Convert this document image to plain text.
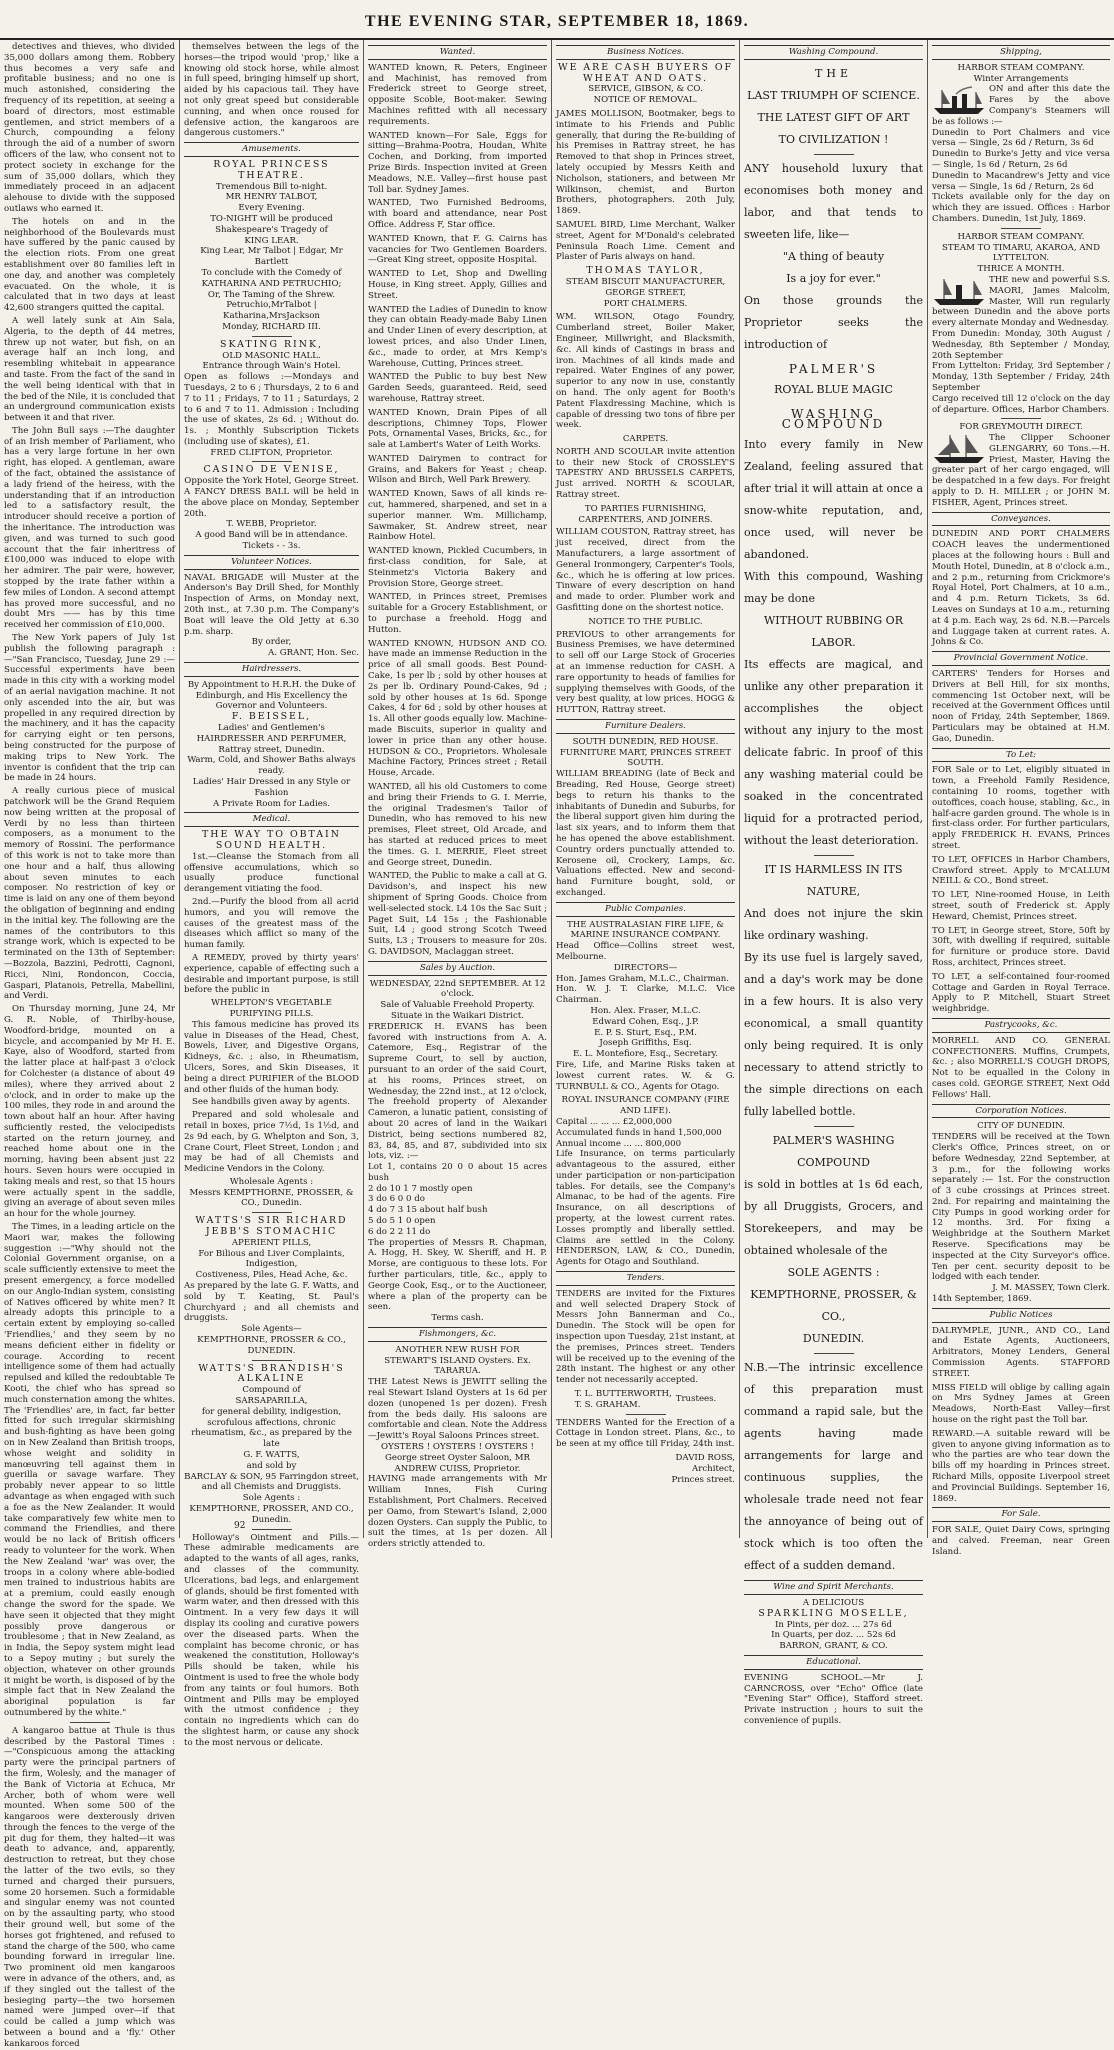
THE EVENING STAR, SEPTEMBER 18, 1869.

detectives and thieves, who divided 35,000 dollars among them. Robbery thus becomes a very safe and profitable business; and no one is much astonished, considering the frequency of its repetition, at seeing a board of directors, most estimable gentlemen, and strict members of a Church, compounding a felony through the aid of a number of sworn officers of the law, who consent not to protect society in exchange for the sum of 35,000 dollars, which they immediately proceed in an adjacent alehouse to divide with the supposed outlaws who earned it.

The hotels on and in the neighborhood of the Boulevards must have suffered by the panic caused by the election riots. From one great establishment over 80 families left in one day, and another was completely evacuated. On the whole, it is calculated that in two days at least 42,600 strangers quitted the capital.

A well lately sunk at Ain Sala, Algeria, to the depth of 44 metres, threw up not water, but fish, on an average half an inch long, and resembling whitebait in appearance and taste. From the fact of the sand in the well being identical with that in the bed of the Nile, it is concluded that an underground communication exists between it and that river.

The John Bull says :—The daughter of an Irish member of Parliament, who has a very large fortune in her own right, has eloped. A gentleman, aware of the fact, obtained the assistance of a lady friend of the heiress, with the understanding that if an introduction led to a satisfactory result, the introducer should receive a portion of the inheritance. The introduction was given, and was turned to such good account that the fair inheritress of £100,000 was induced to elope with her admirer. The pair were, however, stopped by the irate father within a few miles of London. A second attempt has proved more successful, and no doubt Mrs —— has by this time received her commission of £10,000.

The New York papers of July 1st publish the following paragraph :—"San Francisco, Tuesday, June 29 :—Successful experiments have been made in this city with a working model of an aerial navigation machine. It not only ascended into the air, but was propelled in any required direction by the machinery, and it has the capacity for carrying eight or ten persons, being constructed for the purpose of making trips to New York. The inventor is confident that the trip can be made in 24 hours.

A really curious piece of musical patchwork will be the Grand Requiem now being written at the proposal of Verdi by no less than thirteen composers, as a monument to the memory of Rossini. The performance of this work is not to take more than one hour and a half, thus allowing about seven minutes to each composer. No restriction of key or time is laid on any one of them beyond the obligation of beginning and ending in the initial key. The following are the names of the contributors to this strange work, which is expected to be terminated on the 13th of September:—Bozzola, Bazzini, Pedrotti, Cagnoni, Ricci, Nini, Rondoncon, Coccia, Gaspari, Platanois, Petrella, Mabellini, and Verdi.

On Thursday morning, June 24, Mr G. R. Noble, of Thirlby-house, Woodford-bridge, mounted on a bicycle, and accompanied by Mr H. E. Kaye, also of Woodford, started from the latter place at half-past 3 o'clock for Colchester (a distance of about 49 miles), where they arrived about 2 o'clock, and in order to make up the 100 miles, they rode in and around the town about half an hour. After having sufficiently rested, the velocipedists started on the return journey, and reached home about one in the morning, having been absent just 22 hours. Seven hours were occupied in taking meals and rest, so that 15 hours were actually spent in the saddle, giving an average of about seven miles an hour for the whole journey.

The Times, in a leading article on the Maori war, makes the following suggestion :—"Why should not the Colonial Government organise, on a scale sufficiently extensive to meet the present emergency, a force modelled on our Anglo-Indian system, consisting of Natives officered by white men? It already adopts this principle to a certain extent by employing so-called 'Friendlies,' and they seem by no means deficient either in fidelity or courage. According to recent intelligence some of them had actually repulsed and killed the redoubtable Te Kooti, the chief who has spread so much consternation among the whites. The 'Friendlies' are, in fact, far better fitted for such irregular skirmishing and bush-fighting as have been going on in New Zealand than British troops, whose weight and solidity in manœuvring tell against them in guerilla or savage warfare. They probably never appear to so little advantage as when engaged with such a foe as the New Zealander. It would take comparatively few white men to command the Friendlies, and there would be no lack of British officers ready to volunteer for the work. When the New Zealand 'war' was over, the troops in a colony where able-bodied men trained to industrious habits are at a premium, could easily enough change the sword for the spade. We have seen it objected that they might possibly prove dangerous or troublesome ; that in New Zealand, as in India, the Sepoy system might lead to a Sepoy mutiny ; but surely the objection, whatever on other grounds it might be worth, is disposed of by the simple fact that in New Zealand the aboriginal population is far outnumbered by the white."

A kangaroo battue at Thule is thus described by the Pastoral Times :—"Conspicuous among the attacking party were the principal partners of the firm, Wolesly, and the manager of the Bank of Victoria at Echuca, Mr Archer, both of whom were well mounted. When some 500 of the kangaroos were dexterously driven through the fences to the verge of the pit dug for them, they halted—it was death to advance, and, apparently, destruction to retreat, but they chose the latter of the two evils, so they turned and charged their pursuers, some 20 horsemen. Such a formidable and singular enemy was not counted on by the assaulting party, who stood their ground well, but some of the horses got frightened, and refused to stand the charge of the 500, who came bounding forward in irregular line. Two prominent old men kangaroos were in advance of the others, and, as if they singled out the tallest of the besieging party—the two horsemen named were jumped over—if that could be called a jump which was between a bound and a 'fly.' Other kankaroos forced

themselves between the legs of the horses—the tripod would 'prop,' like a knowing old stock horse, while almost in full speed, bringing himself up short, aided by his capacious tail. They have not only great speed but considerable cunning, and when once roused for defensive action, the kangaroos are dangerous customers."

Amusements.
ROYAL PRINCESS THEATRE.
Tremendous Bill to-night.
MR HENRY TALBOT,
Every Evening.
TO-NIGHT will be produced Shakespeare's Tragedy of
KING LEAR.
King Lear, Mr Talbot | Edgar, Mr Bartlett
To conclude with the Comedy of
KATHARINA AND PETRUCHIO;
Or, The Taming of the Shrew.
Petruchio,MrTalbot | Katharina,MrsJackson
Monday, RICHARD III.
SKATING RINK,
OLD MASONIC HALL.
Entrance through Wain's Hotel.
Open as follows :—Mondays and Tuesdays, 2 to 6 ; Thursdays, 2 to 6 and 7 to 11 ; Fridays, 7 to 11 ; Saturdays, 2 to 6 and 7 to 11. Admission : Including the use of skates, 2s 6d. ; Without do. 1s. ; Monthly Subscription Tickets (including use of skates), £1.
FRED CLIFTON, Proprietor.
CASINO DE VENISE,
Opposite the York Hotel, George Street.
A FANCY DRESS BALL will be held in the above place on Monday, September 20th.
T. WEBB, Proprietor.
A good Band will be in attendance.
Tickets - - 3s.
Volunteer Notices.

NAVAL BRIGADE will Muster at the Anderson's Bay Drill Shed, for Monthly Inspection of Arms, on Monday next, 20th inst., at 7.30 p.m. The Company's Boat will leave the Old Jetty at 6.30 p.m. sharp.

By order,
A. GRANT, Hon. Sec.
Hairdressers.
By Appointment to H.R.H. the Duke of Edinburgh, and His Excellency the Governor and Volunteers.
F. BEISSEL,
Ladies' and Gentlemen's
HAIRDRESSER AND PERFUMER,
Rattray street, Dunedin.
Warm, Cold, and Shower Baths always ready.
Ladies' Hair Dressed in any Style or Fashion
A Private Room for Ladies.
Medical.
THE WAY TO OBTAIN SOUND HEALTH.

1st.—Cleanse the Stomach from all offensive accumulations, which so usually produce functional derangement vitiating the food.

2nd.—Purify the blood from all acrid humors, and you will remove the causes of the greatest mass of the diseases which afflict so many of the human family.

A REMEDY, proved by thirty years' experience, capable of effecting such a desirable and important purpose, is still before the public in

WHELPTON'S VEGETABLE PURIFYING PILLS.

This famous medicine has proved its value in Diseases of the Head, Chest, Bowels, Liver, and Digestive Organs, Kidneys, &c. ; also, in Rheumatism, Ulcers, Sores, and Skin Diseases, it being a direct PURIFIER of the BLOOD and other fluids of the human body.

See handbills given away by agents.

Prepared and sold wholesale and retail in boxes, price 7½d, 1s 1½d, and 2s 9d each, by G. Whelpton and Son, 3, Crane Court, Fleet Street, London ; and may be had of all Chemists and Medicine Vendors in the Colony.

Wholesale Agents :
Messrs KEMPTHORNE, PROSSER, & CO., Dunedin.
WATTS'S SIR RICHARD JEBB'S STOMACHIC
APERIENT PILLS,
For Bilious and Liver Complaints, Indigestion,
Costiveness, Piles, Head Ache, &c.
As prepared by the late G. F. Watts, and sold by T. Keating, St. Paul's Churchyard ; and all chemists and druggists.
Sole Agents—
KEMPTHORNE, PROSSER & CO.,
DUNEDIN.
WATTS'S BRANDISH'S ALKALINE
Compound of
SARSAPARILLA,
for general debility, indigestion, scrofulous affections, chronic rheumatism, &c., as prepared by the late
G. F. WATTS,
and sold by
BARCLAY & SON, 95 Farringdon street, and all Chemists and Druggists.
Sole Agents :
KEMPTHORNE, PROSSER, AND CO., Dunedin.

Holloway's Ointment and Pills.—These admirable medicaments are adapted to the wants of all ages, ranks, and classes of the community. Ulcerations, bad legs, and enlargement of glands, should be first fomented with warm water, and then dressed with this Ointment. In a very few days it will display its cooling and curative powers over the diseased parts. When the complaint has become chronic, or has weakened the constitution, Holloway's Pills should be taken, while his Ointment is used to free the whole body from any taints or foul humors. Both Ointment and Pills may be employed with the utmost confidence ; they contain no ingredients which can do the slightest harm, or cause any shock to the most nervous or delicate.

Wanted.

WANTED known, R. Peters, Engineer and Machinist, has removed from Frederick street to George street, opposite Scoble, Boot-maker. Sewing Machines refitted with all necessary requirements.

WANTED known—For Sale, Eggs for sitting—Brahma-Pootra, Houdan, White Cochen, and Dorking, from imported Prize Birds. Inspection invited at Green Meadows, N.E. Valley—first house past Toll bar. Sydney James.

WANTED, Two Furnished Bedrooms, with board and attendance, near Post Office. Address F, Star office.

WANTED Known, that F. G. Cairns has vacancies for Two Gentlemen Boarders.—Great King street, opposite Hospital.

WANTED to Let, Shop and Dwelling House, in King street. Apply, Gillies and Street.

WANTED the Ladies of Dunedin to know they can obtain Ready-made Baby Linen and Under Linen of every description, at lowest prices, and also Under Linen, &c., made to order, at Mrs Kemp's Warehouse, Cutting, Princes street.

WANTED the Public to buy best New Garden Seeds, guaranteed. Reid, seed warehouse, Rattray street.

WANTED Known, Drain Pipes of all descriptions, Chimney Tops, Flower Pots, Ornamental Vases, Bricks, &c., for sale at Lambert's Water of Leith Works.

WANTED Dairymen to contract for Grains, and Bakers for Yeast ; cheap. Wilson and Birch, Well Park Brewery.

WANTED Known, Saws of all kinds re-cut, hammered, sharpened, and set in a superior manner. Wm. Millichamp, Sawmaker, St. Andrew street, near Rainbow Hotel.

WANTED known, Pickled Cucumbers, in first-class condition, for Sale, at Steinmetz's Victoria Bakery and Provision Store, George street.

WANTED, in Princes street, Premises suitable for a Grocery Establishment, or to purchase a freehold. Hogg and Hutton.

WANTED KNOWN, HUDSON AND CO. have made an immense Reduction in the price of all small goods. Best Pound-Cake, 1s per lb ; sold by other houses at 2s per lb. Ordinary Pound-Cakes, 9d ; sold by other houses at 1s 6d. Sponge Cakes, 4 for 6d ; sold by other houses at 1s. All other goods equally low. Machine-made Biscuits, superior in quality and lower in price than any other house. HUDSON & CO., Proprietors. Wholesale Machine Factory, Princes street ; Retail House, Arcade.

WANTED, all his old Customers to come and bring their Friends to G. I. Merrie, the original Tradesmen's Tailor of Dunedin, who has removed to his new premises, Fleet street, Old Arcade, and has started at reduced prices to meet the times. G. I. MERRIE, Fleet street and George street, Dunedin.

WANTED, the Public to make a call at G. Davidson's, and inspect his new shipment of Spring Goods. Choice from well-selected stock. L4 10s the Sac Suit ; Paget Suit, L4 15s ; the Fashionable Suit, L4 ; good strong Scotch Tweed Suits, L3 ; Trousers to measure for 20s. G. DAVIDSON, Maclaggan street.

Sales by Auction.
WEDNESDAY, 22nd SEPTEMBER. At 12 o'clock.
Sale of Valuable Freehold Property.
Situate in the Waikari District.

FREDERICK H. EVANS has been favored with instructions from A. A. Catemore, Esq., Registrar of the Supreme Court, to sell by auction, pursuant to an order of the said Court, at his rooms, Princes street, on Wednesday, the 22nd inst., at 12 o'clock, The freehold property of Alexander Cameron, a lunatic patient, consisting of about 20 acres of land in the Waikari District, being sections numbered 82, 83, 84, 85, and 87, subdivided into six lots, viz. :—

Lot 1, contains 20 0 0 about 15 acres bush
2 do 10 1 7 mostly open
3 do 6 0 0 do
4 do 7 3 15 about half bush
5 do 5 1 0 open
6 do 2 2 11 do

The properties of Messrs R. Chapman, A. Hogg, H. Skey, W. Sheriff, and H. P. Morse, are contiguous to these lots. For further particulars, title, &c., apply to George Cook, Esq., or to the Auctioneer, where a plan of the property can be seen.

Terms cash.
Fishmongers, &c.
ANOTHER NEW RUSH FOR STEWART'S ISLAND Oysters. Ex. TARARUA.

THE Latest News is JEWITT selling the real Stewart Island Oysters at 1s 6d per dozen (unopened 1s per dozen). Fresh from the beds daily. His saloons are comfortable and clean. Note the Address—Jewitt's Royal Saloons Princes street.

OYSTERS ! OYSTERS ! OYSTERS !
George street Oyster Saloon, MR ANDREW CUISS, Proprietor.

HAVING made arrangements with Mr William Innes, Fish Curing Establishment, Port Chalmers. Received per Oamo, from Stewart's Island, 2,000 dozen Oysters. Can supply the Public, to suit the times, at 1s per dozen. All orders strictly attended to.

Business Notices.
WE ARE CASH BUYERS OF WHEAT AND OATS.
SERVICE, GIBSON, & CO.
NOTICE OF REMOVAL.

JAMES MOLLISON, Bootmaker, begs to intimate to his Friends and Public generally, that during the Re-building of his Premises in Rattray street, he has Removed to that shop in Princes street, lately occupied by Messrs Keith and Nicholson, stationers, and between Mr Wilkinson, chemist, and Burton Brothers, photographers. 20th July, 1869.

SAMUEL BIRD, Lime Merchant, Walker street, Agent for M'Donald's celebrated Peninsula Roach Lime. Cement and Plaster of Paris always on hand.

THOMAS TAYLOR,
STEAM BISCUIT MANUFACTURER, GEORGE STREET,
PORT CHALMERS.

WM. WILSON, Otago Foundry, Cumberland street, Boiler Maker, Engineer, Millwright, and Blacksmith, &c. All kinds of Castings in brass and iron. Machines of all kinds made and repaired. Water Engines of any power, superior to any now in use, constantly on hand. The only agent for Booth's Patent Flaxdressing Machine, which is capable of dressing two tons of fibre per week.

CARPETS.

NORTH AND SCOULAR invite attention to their new Stock of CROSSLEY'S TAPESTRY AND BRUSSELS CARPETS, Just arrived. NORTH & SCOULAR, Rattray street.

TO PARTIES FURNISHING, CARPENTERS, AND JOINERS.

WILLIAM COUSTON, Rattray street, has just received, direct from the Manufacturers, a large assortment of General Ironmongery, Carpenter's Tools, &c., which he is offering at low prices. Tinware of every description on hand and made to order. Plumber work and Gasfitting done on the shortest notice.

NOTICE TO THE PUBLIC.

PREVIOUS to other arrangements for Business Premises, we have determined to sell off our Large Stock of Groceries at an immense reduction for CASH. A rare opportunity to heads of families for supplying themselves with Goods, of the very best quality, at low prices. HOGG & HUTTON, Rattray street.

Furniture Dealers.
SOUTH DUNEDIN, RED HOUSE.
FURNITURE MART, PRINCES STREET SOUTH.

WILLIAM BREADING (late of Beck and Breading, Red House, George street) begs to return his thanks to the inhabitants of Dunedin and Suburbs, for the liberal support given him during the last six years, and to inform them that he has opened the above establishment. Country orders punctually attended to. Kerosene oil, Crockery, Lamps, &c. Valuations effected. New and second-hand Furniture bought, sold, or exchanged.

Public Companies.
THE AUSTRALASIAN FIRE LIFE, & MARINE INSURANCE COMPANY.

Head Office—Collins street west, Melbourne.

DIRECTORS—
Hon. James Graham, M.L.C., Chairman.
Hon. W. J. T. Clarke, M.L.C. Vice Chairman.
Hon. Alex. Fraser, M.L.C.
Edward Cohen, Esq., J.P.
E. P. S. Sturt, Esq., P.M.
Joseph Griffiths, Esq.
E. L. Montefiore, Esq., Secretary.

Fire, Life, and Marine Risks taken at lowest current rates. W. & G. TURNBULL & CO., Agents for Otago.

ROYAL INSURANCE COMPANY (FIRE AND LIFE).
Capital ... ... ... £2,000,000
Accumulated funds in hand 1,500,000
Annual income ... ... 800,000

Life Insurance, on terms particularly advantageous to the assured, either under participation or non-participation tables. For details, see the Company's Almanac, to be had of the agents. Fire Insurance, on all descriptions of property, at the lowest current rates. Losses promptly and liberally settled. Claims are settled in the Colony. HENDERSON, LAW, & CO., Dunedin, Agents for Otago and Southland.

Tenders.

TENDERS are invited for the Fixtures and well selected Drapery Stock of Messrs John Bannerman and Co., Dunedin. The Stock will be open for inspection upon Tuesday, 21st instant, at the premises, Princes street. Tenders will be received up to the evening of the 28th instant. The highest or any other tender not necessarily accepted.

T. L. BUTTERWORTH,
T. S. GRAHAM.
Trustees.

TENDERS Wanted for the Erection of a Cottage in London street. Plans, &c., to be seen at my office till Friday, 24th inst.

DAVID ROSS,
Architect,
Princes street.
Washing Compound.
THE
LAST TRIUMPH OF SCIENCE.
THE LATEST GIFT OF ART
TO CIVILIZATION !

ANY household luxury that economises both money and labor, and that tends to sweeten life, like—

"A thing of beauty
Is a joy for ever."

On those grounds the Proprietor seeks the introduction of

PALMER'S
ROYAL BLUE MAGIC
WASHING COMPOUND

Into every family in New Zealand, feeling assured that after trial it will attain at once a snow-white reputation, and, once used, will never be abandoned.

With this compound, Washing may be done

WITHOUT RUBBING OR LABOR.

Its effects are magical, and unlike any other preparation it accomplishes the object without any injury to the most delicate fabric. In proof of this any washing material could be soaked in the concentrated liquid for a protracted period, without the least deterioration.

IT IS HARMLESS IN ITS NATURE,

And does not injure the skin like ordinary washing.

By its use fuel is largely saved, and a day's work may be done in a few hours. It is also very economical, a small quantity only being required. It is only necessary to attend strictly to the simple directions on each fully labelled bottle.

PALMER'S WASHING COMPOUND

is sold in bottles at 1s 6d each, by all Druggists, Grocers, and Storekeepers, and may be obtained wholesale of the

SOLE AGENTS :
KEMPTHORNE, PROSSER, & CO.,
DUNEDIN.

N.B.—The intrinsic excellence of this preparation must command a rapid sale, but the agents having made arrangements for large and continuous supplies, the wholesale trade need not fear the annoyance of being out of stock which is too often the effect of a sudden demand.

Wine and Spirit Merchants.
A DELICIOUS
SPARKLING MOSELLE,
In Pints, per doz. ... 27s 6d
In Quarts, per doz. ... 52s 6d
BARRON, GRANT, & CO.
Educational.

EVENING SCHOOL.—Mr J. CARNCROSS, over "Echo" Office (late "Evening Star" Office), Stafford street. Private instruction ; hours to suit the convenience of pupils.

Shipping,
HARBOR STEAM COMPANY.
Winter Arrangements

ON and after this date the Fares by the above Company's Steamers will be as follows :—

Dunedin to Port Chalmers and vice versa — Single, 2s 6d / Return, 3s 6d
Dunedin to Burke's Jetty and vice versa — Single, 1s 6d / Return, 2s 6d
Dunedin to Macandrew's Jetty and vice versa — Single, 1s 6d / Return, 2s 6d

Tickets available only for the day on which they are issued. Offices : Harbor Chambers. Dunedin, 1st July, 1869.

HARBOR STEAM COMPANY.
STEAM TO TIMARU, AKAROA, AND LYTTELTON.
THRICE A MONTH.

THE new and powerful S.S. MAORI, James Malcolm, Master, Will run regularly between Dunedin and the above ports every alternate Monday and Wednesday.

From Dunedin: Monday, 30th August / Wednesday, 8th September / Monday, 20th September
From Lyttelton: Friday, 3rd September / Monday, 13th September / Friday, 24th September

Cargo received till 12 o'clock on the day of departure. Offices, Harbor Chambers.

FOR GREYMOUTH DIRECT.

The Clipper Schooner GLENGARRY, 60 Tons.—H. Priest, Master, Having the greater part of her cargo engaged, will be despatched in a few days. For freight apply to D. H. MILLER ; or JOHN M. FISHER, Agent, Princes street.

Conveyances.

DUNEDIN AND PORT CHALMERS COACH leaves the undermentioned places at the following hours : Bull and Mouth Hotel, Dunedin, at 8 o'clock a.m., and 2 p.m., returning from Crickmore's Royal Hotel, Port Chalmers, at 10 a.m., and 4 p.m. Return Tickets, 3s 6d. Leaves on Sundays at 10 a.m., returning at 4 p.m. Each way, 2s 6d. N.B.—Parcels and Luggage taken at current rates. A. Johns & Co.

Provincial Government Notice.

CARTERS' Tenders for Horses and Drivers at Bell Hill, for six months, commencing 1st October next, will be received at the Government Offices until noon of Friday, 24th September, 1869. Particulars may be obtained at H.M. Gao, Dunedin.

To Let:

FOR Sale or to Let, eligibly situated in town, a Freehold Family Residence, containing 10 rooms, together with outoffices, coach house, stabling, &c., in half-acre garden ground. The whole is in first-class order. For further particulars, apply FREDERICK H. EVANS, Princes street.

TO LET, OFFICES in Harbor Chambers, Crawford street. Apply to M'CALLUM NEILL & CO., Bond street.

TO LET, Nine-roomed House, in Leith street, south of Frederick st. Apply Heward, Chemist, Princes street.

TO LET, in George street, Store, 50ft by 30ft, with dwelling if required, suitable for furniture or produce store. David Ross, architect, Princes street.

TO LET, a self-contained four-roomed Cottage and Garden in Royal Terrace. Apply to P. Mitchell, Stuart Street weighbridge.

Pastrycooks, &c.

MORRELL AND CO. GENERAL CONFECTIONERS. Muffins, Crumpets, &c. ; also MORRELL'S COUGH DROPS, Not to be equalled in the Colony in cases cold. GEORGE STREET, Next Odd Fellows' Hall.

Corporation Notices.
CITY OF DUNEDIN.

TENDERS will be received at the Town Clerk's Office, Princes street, on or before Wednesday, 22nd September, at 3 p.m., for the following works separately :— 1st. For the construction of 3 cube crossings at Princes street. 2nd. For repairing and maintaining the City Pumps in good working order for 12 months. 3rd. For fixing a Weighbridge at the Southern Market Reserve. Specifications may be inspected at the City Surveyor's office. Ten per cent. security deposit to be lodged with each tender.

J. M. MASSEY, Town Clerk.
14th September, 1869.
Public Notices

DALRYMPLE, JUNR., AND CO., Land and Estate Agents, Auctioneers, Arbitrators, Money Lenders, General Commission Agents. STAFFORD STREET.

MISS FIELD will oblige by calling again on Mrs Sydney James at Green Meadows, North-East Valley—first house on the right past the Toll bar.

REWARD.—A suitable reward will be given to anyone giving information as to who the parties are who tear down the bills off my hoarding in Princes street. Richard Mills, opposite Liverpool street and Provincial Buildings. September 16, 1869.

For Sale.

FOR SALE, Quiet Dairy Cows, springing and calved. Freeman, near Green Island.

92
